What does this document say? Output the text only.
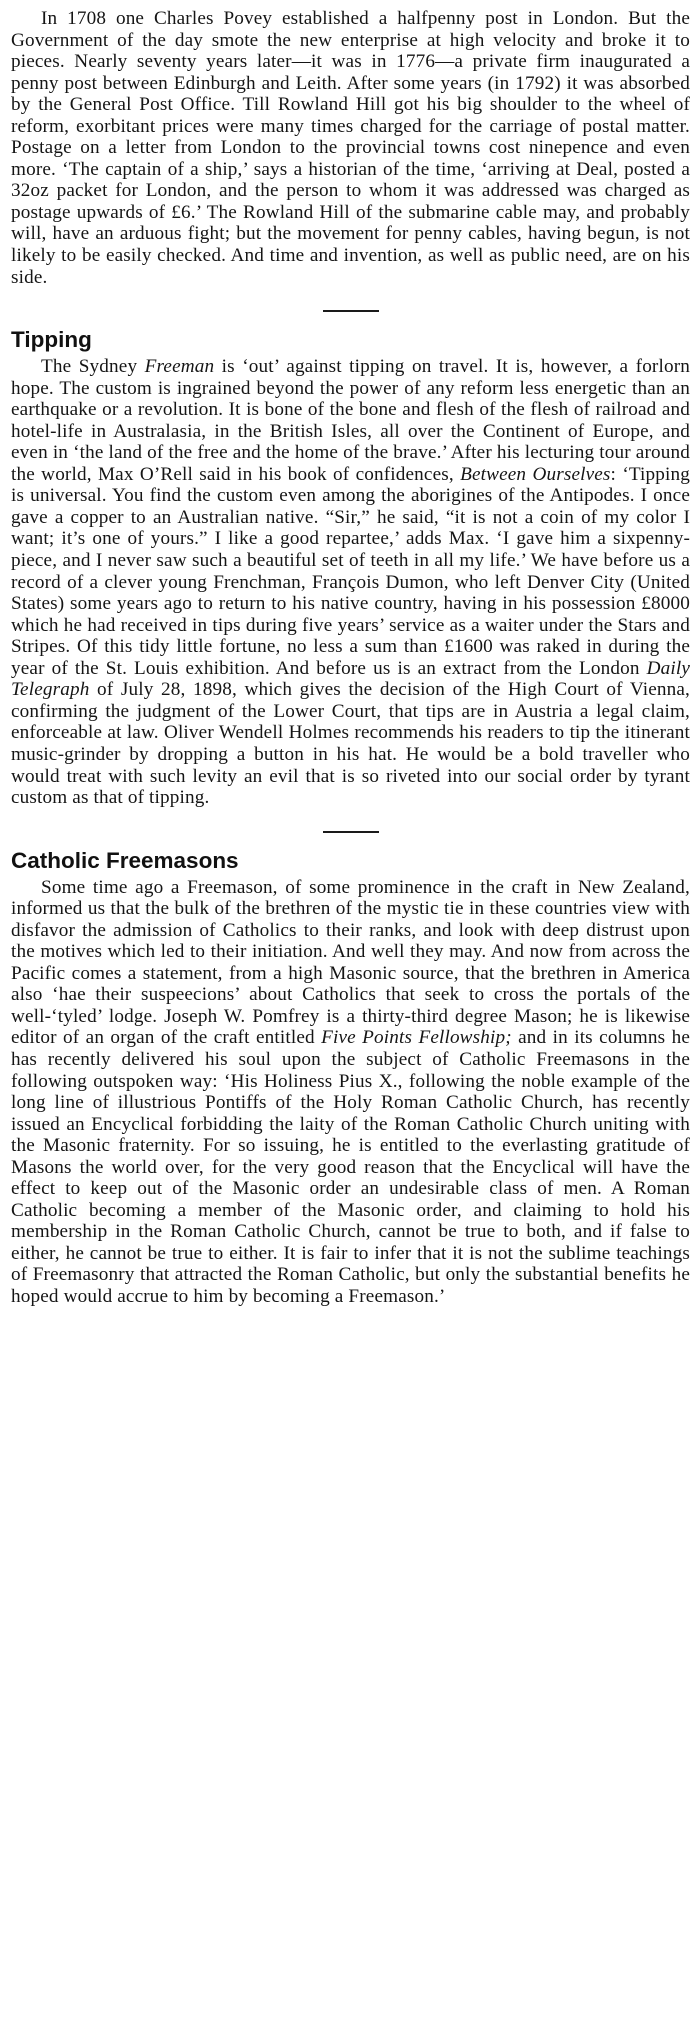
In 1708 one Charles Povey established a halfpenny post in London. But the Government of the day smote the new enterprise at high velocity and broke it to pieces. Nearly seventy years later—it was in 1776—a private firm inaugurated a penny post between Edinburgh and Leith. After some years (in 1792) it was absorbed by the General Post Office. Till Rowland Hill got his big shoulder to the wheel of reform, exorbitant prices were many times charged for the carriage of postal matter. Postage on a letter from London to the provincial towns cost ninepence and even more. ‘The captain of a ship,’ says a historian of the time, ‘arriving at Deal, posted a 32oz packet for London, and the person to whom it was addressed was charged as postage upwards of £6.’ The Rowland Hill of the submarine cable may, and probably will, have an arduous fight; but the movement for penny cables, having begun, is not likely to be easily checked. And time and invention, as well as public need, are on his side.

Tipping

The Sydney Freeman is ‘out’ against tipping on travel. It is, however, a forlorn hope. The custom is ingrained beyond the power of any reform less energetic than an earthquake or a revolution. It is bone of the bone and flesh of the flesh of railroad and hotel-life in Australasia, in the British Isles, all over the Continent of Europe, and even in ‘the land of the free and the home of the brave.’ After his lecturing tour around the world, Max O’Rell said in his book of confidences, Between Ourselves: ‘Tipping is universal. You find the custom even among the aborigines of the Antipodes. I once gave a copper to an Australian native. “Sir,” he said, “it is not a coin of my color I want; it’s one of yours.” I like a good repartee,’ adds Max. ‘I gave him a sixpenny-piece, and I never saw such a beautiful set of teeth in all my life.’ We have before us a record of a clever young Frenchman, François Dumon, who left Denver City (United States) some years ago to return to his native country, having in his possession £8000 which he had received in tips during five years’ service as a waiter under the Stars and Stripes. Of this tidy little fortune, no less a sum than £1600 was raked in during the year of the St. Louis exhibition. And before us is an extract from the London Daily Telegraph of July 28, 1898, which gives the decision of the High Court of Vienna, confirming the judgment of the Lower Court, that tips are in Austria a legal claim, enforceable at law. Oliver Wendell Holmes recommends his readers to tip the itinerant music-grinder by dropping a button in his hat. He would be a bold traveller who would treat with such levity an evil that is so riveted into our social order by tyrant custom as that of tipping.

Catholic Freemasons

Some time ago a Freemason, of some prominence in the craft in New Zealand, informed us that the bulk of the brethren of the mystic tie in these countries view with disfavor the admission of Catholics to their ranks, and look with deep distrust upon the motives which led to their initiation. And well they may. And now from across the Pacific comes a statement, from a high Masonic source, that the brethren in America also ‘hae their suspeecions’ about Catholics that seek to cross the portals of the well-‘tyled’ lodge. Joseph W. Pomfrey is a thirty-third degree Mason; he is likewise editor of an organ of the craft entitled Five Points Fellowship; and in its columns he has recently delivered his soul upon the subject of Catholic Freemasons in the following outspoken way: ‘His Holiness Pius X., following the noble example of the long line of illustrious Pontiffs of the Holy Roman Catholic Church, has recently issued an Encyclical forbidding the laity of the Roman Catholic Church uniting with the Masonic fraternity. For so issuing, he is entitled to the everlasting gratitude of Masons the world over, for the very good reason that the Encyclical will have the effect to keep out of the Masonic order an undesirable class of men. A Roman Catholic becoming a member of the Masonic order, and claiming to hold his membership in the Roman Catholic Church, cannot be true to both, and if false to either, he cannot be true to either. It is fair to infer that it is not the sublime teachings of Freemasonry that attracted the Roman Catholic, but only the substantial benefits he hoped would accrue to him by becoming a Freemason.’
